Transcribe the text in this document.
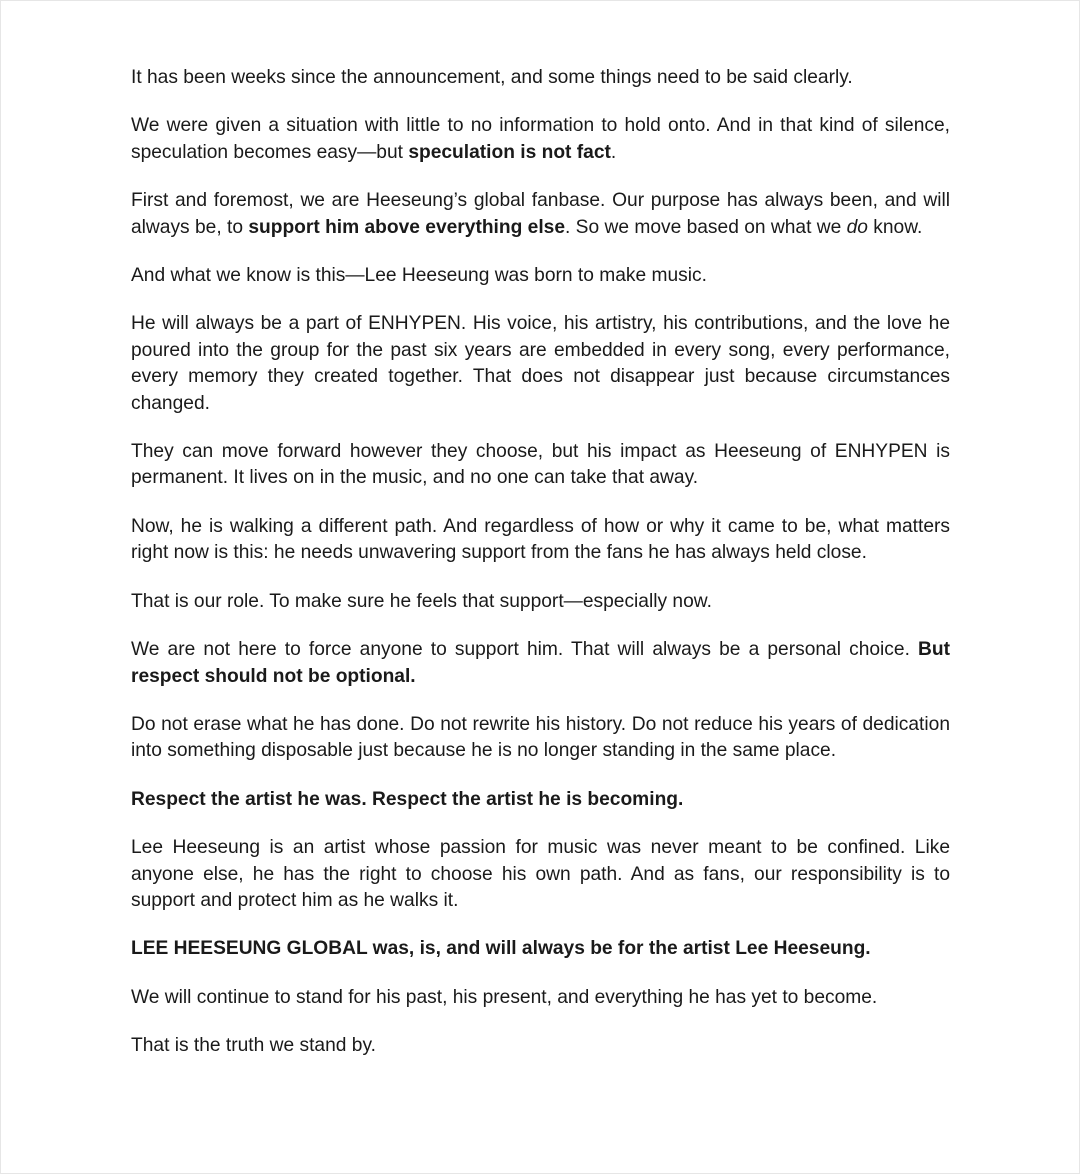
It has been weeks since the announcement, and some things need to be said clearly.

We were given a situation with little to no information to hold onto. And in that kind of silence, speculation becomes easy—but speculation is not fact.

First and foremost, we are Heeseung’s global fanbase. Our purpose has always been, and will always be, to support him above everything else. So we move based on what we do know.

And what we know is this—Lee Heeseung was born to make music.

He will always be a part of ENHYPEN. His voice, his artistry, his contributions, and the love he poured into the group for the past six years are embedded in every song, every performance, every memory they created together. That does not disappear just because circumstances changed.

They can move forward however they choose, but his impact as Heeseung of ENHYPEN is permanent. It lives on in the music, and no one can take that away.

Now, he is walking a different path. And regardless of how or why it came to be, what matters right now is this: he needs unwavering support from the fans he has always held close.

That is our role. To make sure he feels that support—especially now.

We are not here to force anyone to support him. That will always be a personal choice. But respect should not be optional.

Do not erase what he has done. Do not rewrite his history. Do not reduce his years of dedication into something disposable just because he is no longer standing in the same place.

Respect the artist he was. Respect the artist he is becoming.

Lee Heeseung is an artist whose passion for music was never meant to be confined. Like anyone else, he has the right to choose his own path. And as fans, our responsibility is to support and protect him as he walks it.

LEE HEESEUNG GLOBAL was, is, and will always be for the artist Lee Heeseung.

We will continue to stand for his past, his present, and everything he has yet to become.

That is the truth we stand by.
